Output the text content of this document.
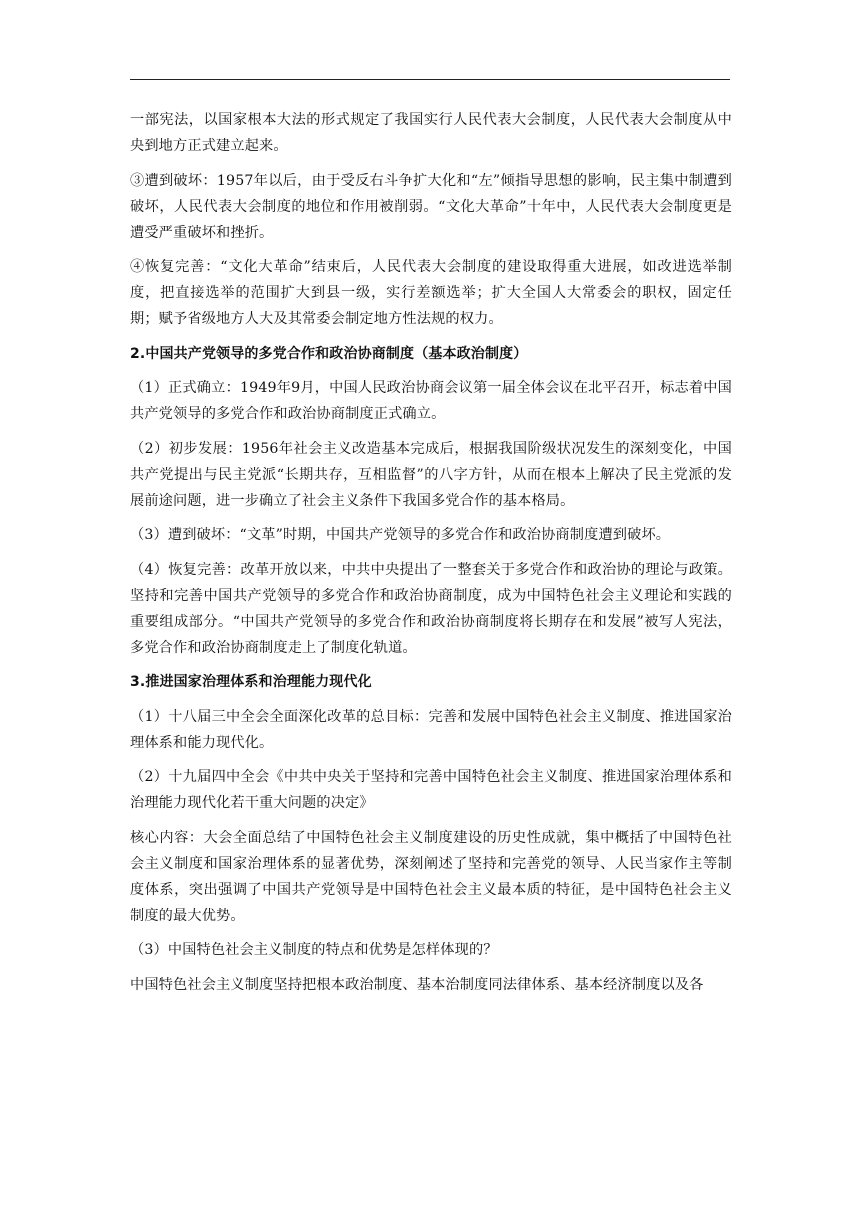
一部宪法，以国家根本大法的形式规定了我国实行人民代表大会制度，人民代表大会制度从中央到地方正式建立起来。

③遭到破坏：1957年以后，由于受反右斗争扩大化和“左”倾指导思想的影响，民主集中制遭到破坏，人民代表大会制度的地位和作用被削弱。“文化大革命”十年中，人民代表大会制度更是遭受严重破坏和挫折。

④恢复完善：“文化大革命”结束后，人民代表大会制度的建设取得重大进展，如改进选举制度，把直接选举的范围扩大到县一级，实行差额选举；扩大全国人大常委会的职权，固定任期；赋予省级地方人大及其常委会制定地方性法规的权力。

2.中国共产党领导的多党合作和政治协商制度（基本政治制度）

（1）正式确立：1949年9月，中国人民政治协商会议第一届全体会议在北平召开，标志着中国共产党领导的多党合作和政治协商制度正式确立。

（2）初步发展：1956年社会主义改造基本完成后，根据我国阶级状况发生的深刻变化，中国共产党提出与民主党派“长期共存，互相监督”的八字方针，从而在根本上解决了民主党派的发展前途问题，进一步确立了社会主义条件下我国多党合作的基本格局。

（3）遭到破坏：“文革”时期，中国共产党领导的多党合作和政治协商制度遭到破坏。

（4）恢复完善：改革开放以来，中共中央提出了一整套关于多党合作和政治协的理论与政策。坚持和完善中国共产党领导的多党合作和政治协商制度，成为中国特色社会主义理论和实践的重要组成部分。“中国共产党领导的多党合作和政治协商制度将长期存在和发展”被写人宪法，多党合作和政治协商制度走上了制度化轨道。

3.推进国家治理体系和治理能力现代化

（1）十八届三中全会全面深化改革的总目标：完善和发展中国特色社会主义制度、推进国家治理体系和能力现代化。

（2）十九届四中全会《中共中央关于坚持和完善中国特色社会主义制度、推进国家治理体系和治理能力现代化若干重大问题的决定》

核心内容：大会全面总结了中国特色社会主义制度建设的历史性成就，集中概括了中国特色社会主义制度和国家治理体系的显著优势，深刻阐述了坚持和完善党的领导、人民当家作主等制度体系，突出强调了中国共产党领导是中国特色社会主义最本质的特征，是中国特色社会主义制度的最大优势。

（3）中国特色社会主义制度的特点和优势是怎样体现的？

中国特色社会主义制度坚持把根本政治制度、基本治制度同法律体系、基本经济制度以及各
